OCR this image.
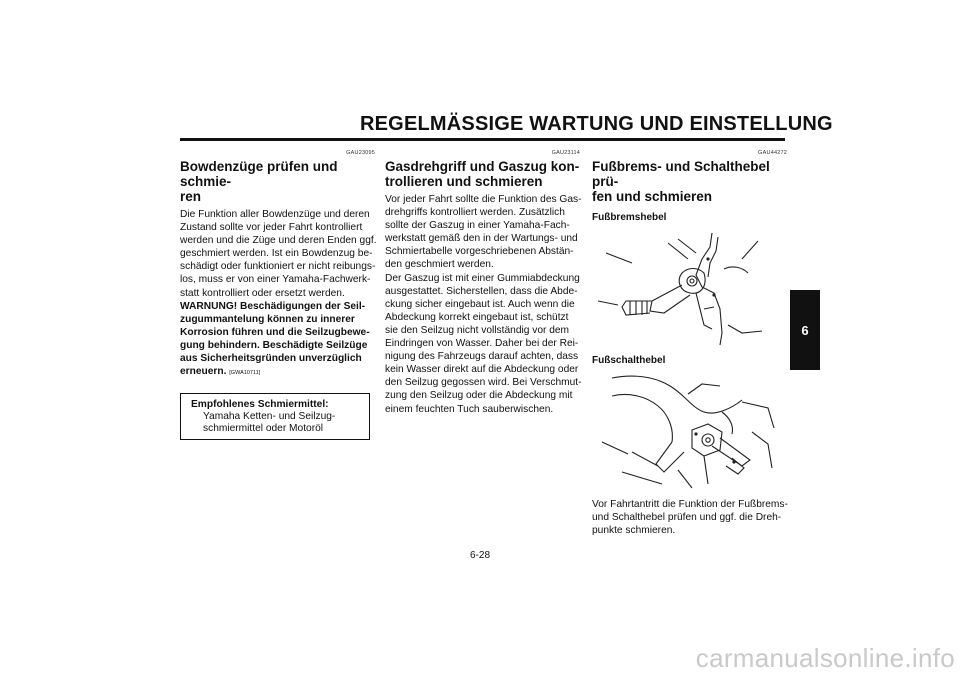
REGELMÄSSIGE WARTUNG UND EINSTELLUNG
GAU23095
Bowdenzüge prüfen und schmie-
ren

Die Funktion aller Bowdenzüge und deren

Zustand sollte vor jeder Fahrt kontrolliert

werden und die Züge und deren Enden ggf.

geschmiert werden. Ist ein Bowdenzug be-

schädigt oder funktioniert er nicht reibungs-

los, muss er von einer Yamaha-Fachwerk-

statt kontrolliert oder ersetzt werden.

WARNUNG! Beschädigungen der Seil-

zugummantelung können zu innerer

Korrosion führen und die Seilzugbewe-

gung behindern. Beschädigte Seilzüge

aus Sicherheitsgründen unverzüglich

erneuern. [GWA10711]

Empfohlenes Schmiermittel:
Yamaha Ketten- und Seilzug-
schmiermittel oder Motoröl
GAU23114
Gasdrehgriff und Gaszug kon-
trollieren und schmieren

Vor jeder Fahrt sollte die Funktion des Gas-

drehgriffs kontrolliert werden. Zusätzlich

sollte der Gaszug in einer Yamaha-Fach-

werkstatt gemäß den in der Wartungs- und

Schmiertabelle vorgeschriebenen Abstän-

den geschmiert werden.

Der Gaszug ist mit einer Gummiabdeckung

ausgestattet. Sicherstellen, dass die Abde-

ckung sicher eingebaut ist. Auch wenn die

Abdeckung korrekt eingebaut ist, schützt

sie den Seilzug nicht vollständig vor dem

Eindringen von Wasser. Daher bei der Rei-

nigung des Fahrzeugs darauf achten, dass

kein Wasser direkt auf die Abdeckung oder

den Seilzug gegossen wird. Bei Verschmut-

zung den Seilzug oder die Abdeckung mit

einem feuchten Tuch sauberwischen.

GAU44272
Fußbrems- und Schalthebel prü-
fen und schmieren
Fußbremshebel
Fußschalthebel

Vor Fahrtantritt die Funktion der Fußbrems-

und Schalthebel prüfen und ggf. die Dreh-

punkte schmieren.

6
6-28
carmanualsonline.info
